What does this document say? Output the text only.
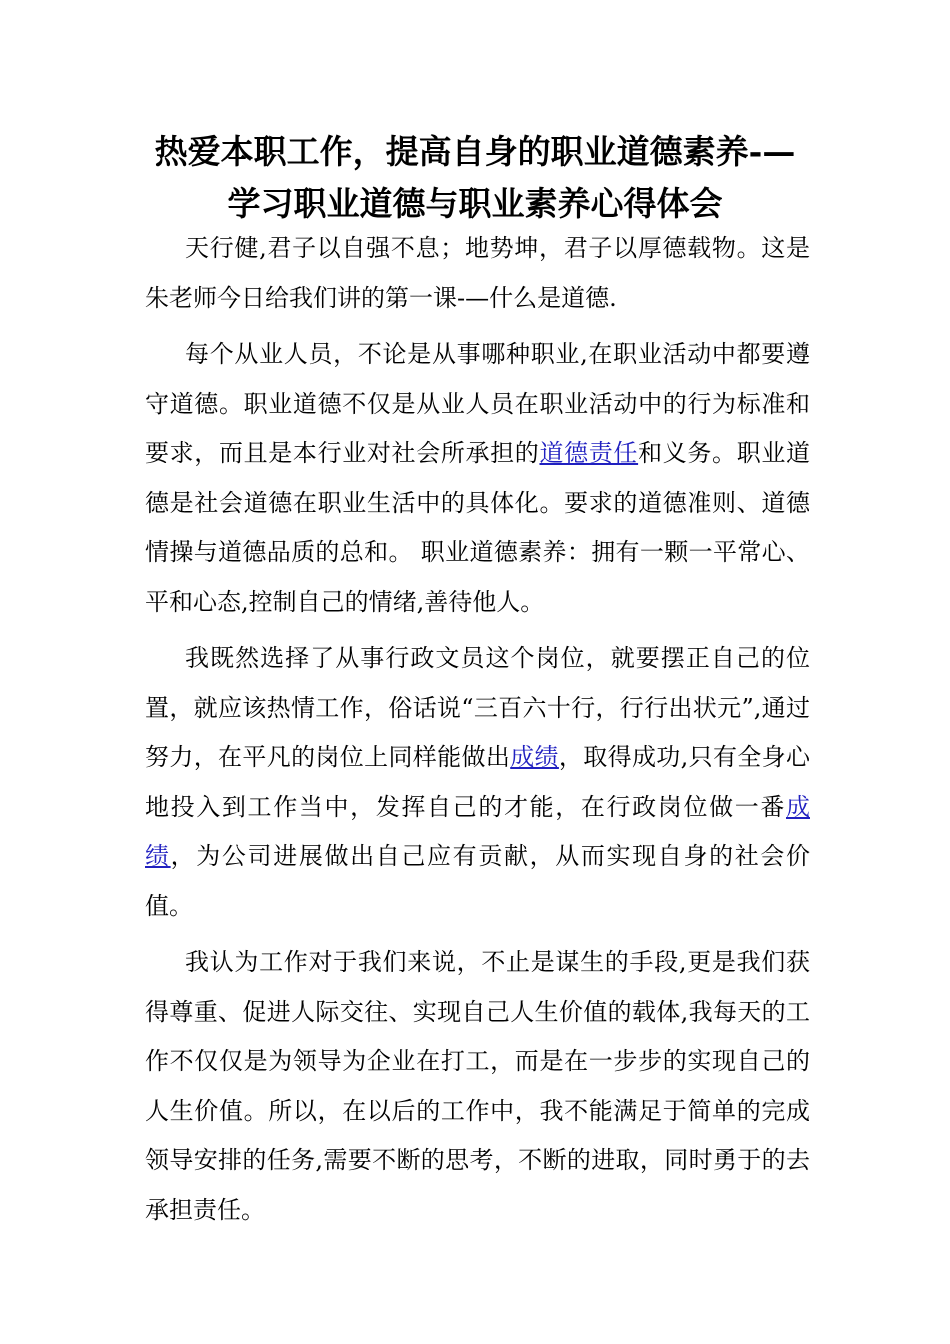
热爱本职工作，提高自身的职业道德素养-—
学习职业道德与职业素养心得体会

天行健,君子以自强不息；地势坤，君子以厚德载物。这是朱老师今日给我们讲的第一课-—什么是道德.

每个从业人员，不论是从事哪种职业,在职业活动中都要遵守道德。职业道德不仅是从业人员在职业活动中的行为标准和要求，而且是本行业对社会所承担的道德责任和义务。职业道德是社会道德在职业生活中的具体化。要求的道德准则、道德情操与道德品质的总和。 职业道德素养：拥有一颗一平常心、平和心态,控制自己的情绪,善待他人。

我既然选择了从事行政文员这个岗位，就要摆正自己的位置，就应该热情工作，俗话说“三百六十行，行行出状元”,通过努力，在平凡的岗位上同样能做出成绩，取得成功,只有全身心地投入到工作当中，发挥自己的才能，在行政岗位做一番成绩，为公司进展做出自己应有贡献，从而实现自身的社会价值。

我认为工作对于我们来说，不止是谋生的手段,更是我们获得尊重、促进人际交往、实现自己人生价值的载体,我每天的工作不仅仅是为领导为企业在打工，而是在一步步的实现自己的人生价值。所以，在以后的工作中，我不能满足于简单的完成领导安排的任务,需要不断的思考，不断的进取，同时勇于的去承担责任。
